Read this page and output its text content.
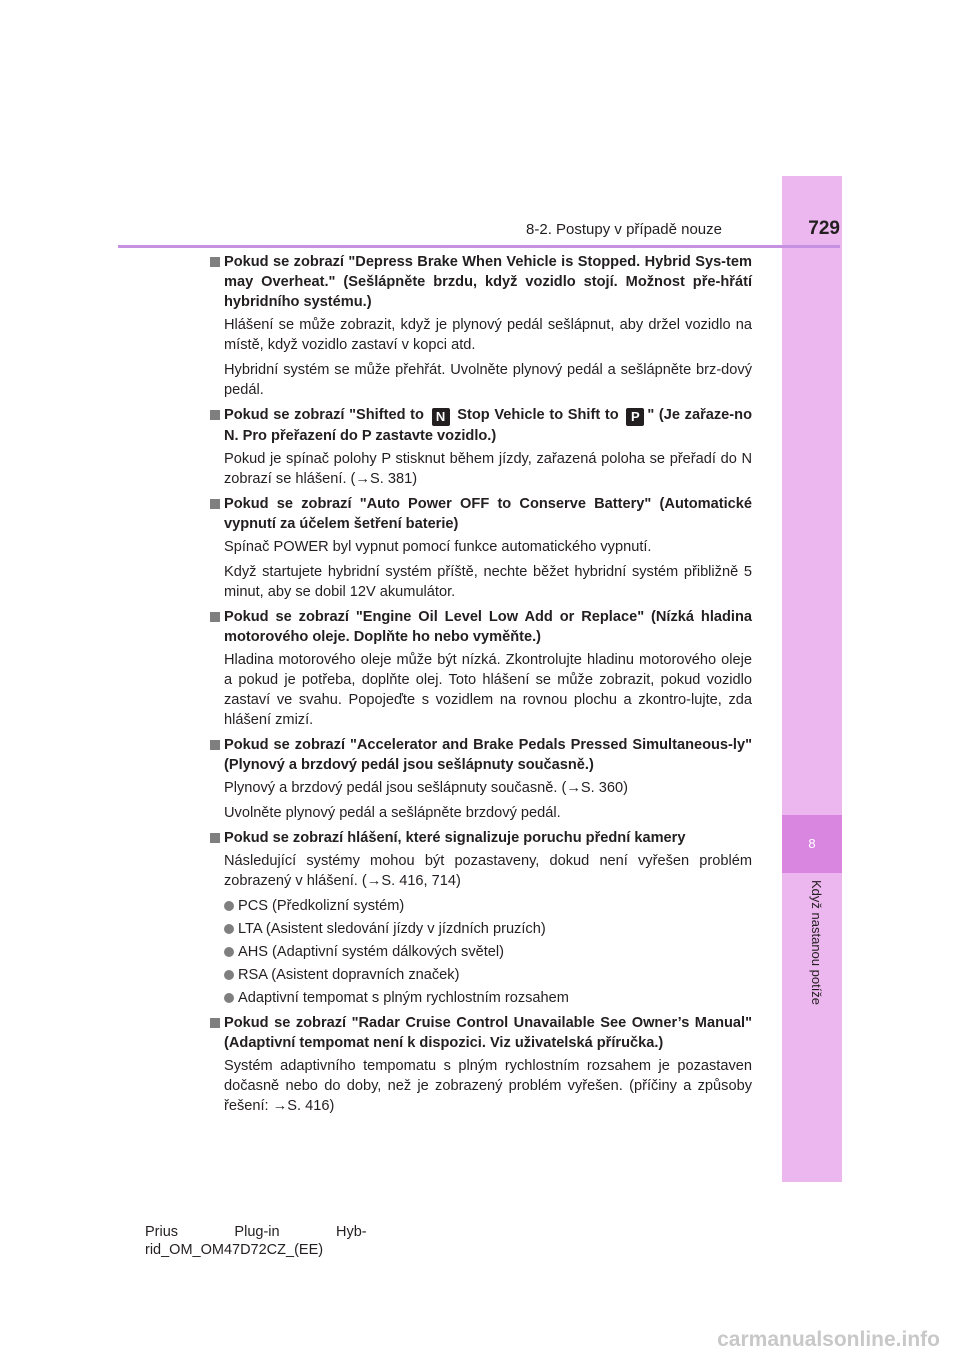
8
Když nastanou potíže
8-2. Postupy v případě nouze	729
Pokud se zobrazí "Depress Brake When Vehicle is Stopped. Hybrid Sys-tem may Overheat." (Sešlápněte brzdu, když vozidlo stojí. Možnost pře-hřátí hybridního systému.)
Hlášení se může zobrazit, když je plynový pedál sešlápnut, aby držel vozidlo na místě, když vozidlo zastaví v kopci atd.
Hybridní systém se může přehřát. Uvolněte plynový pedál a sešlápněte brz-dový pedál.
Pokud se zobrazí "Shifted to N Stop Vehicle to Shift to P " (Je zařaze-no N. Pro přeřazení do P zastavte vozidlo.)
Pokud je spínač polohy P stisknut během jízdy, zařazená poloha se přeřadí do N zobrazí se hlášení. (→S. 381)
Pokud se zobrazí "Auto Power OFF to Conserve Battery" (Automatické vypnutí za účelem šetření baterie)
Spínač POWER byl vypnut pomocí funkce automatického vypnutí.
Když startujete hybridní systém příště, nechte běžet hybridní systém přibližně 5 minut, aby se dobil 12V akumulátor.
Pokud se zobrazí "Engine Oil Level Low Add or Replace" (Nízká hladina motorového oleje. Doplňte ho nebo vyměňte.)
Hladina motorového oleje může být nízká. Zkontrolujte hladinu motorového oleje a pokud je potřeba, doplňte olej. Toto hlášení se může zobrazit, pokud vozidlo zastaví ve svahu. Popojeďte s vozidlem na rovnou plochu a zkontro-lujte, zda hlášení zmizí.
Pokud se zobrazí "Accelerator and Brake Pedals Pressed Simultaneous-ly" (Plynový a brzdový pedál jsou sešlápnuty současně.)
Plynový a brzdový pedál jsou sešlápnuty současně. (→S. 360)
Uvolněte plynový pedál a sešlápněte brzdový pedál.
Pokud se zobrazí hlášení, které signalizuje poruchu přední kamery
Následující systémy mohou být pozastaveny, dokud není vyřešen problém zobrazený v hlášení. (→S. 416, 714)
PCS (Předkolizní systém)
LTA (Asistent sledování jízdy v jízdních pruzích)
AHS (Adaptivní systém dálkových světel)
RSA (Asistent dopravních značek)
Adaptivní tempomat s plným rychlostním rozsahem
Pokud se zobrazí "Radar Cruise Control Unavailable See Owner’s Manual" (Adaptivní tempomat není k dispozici. Viz uživatelská příručka.)
Systém adaptivního tempomatu s plným rychlostním rozsahem je pozastaven dočasně nebo do doby, než je zobrazený problém vyřešen. (příčiny a způsoby řešení: →S. 416)
Prius              Plug-in              Hyb-
rid_OM_OM47D72CZ_(EE)
carmanualsonline.info
